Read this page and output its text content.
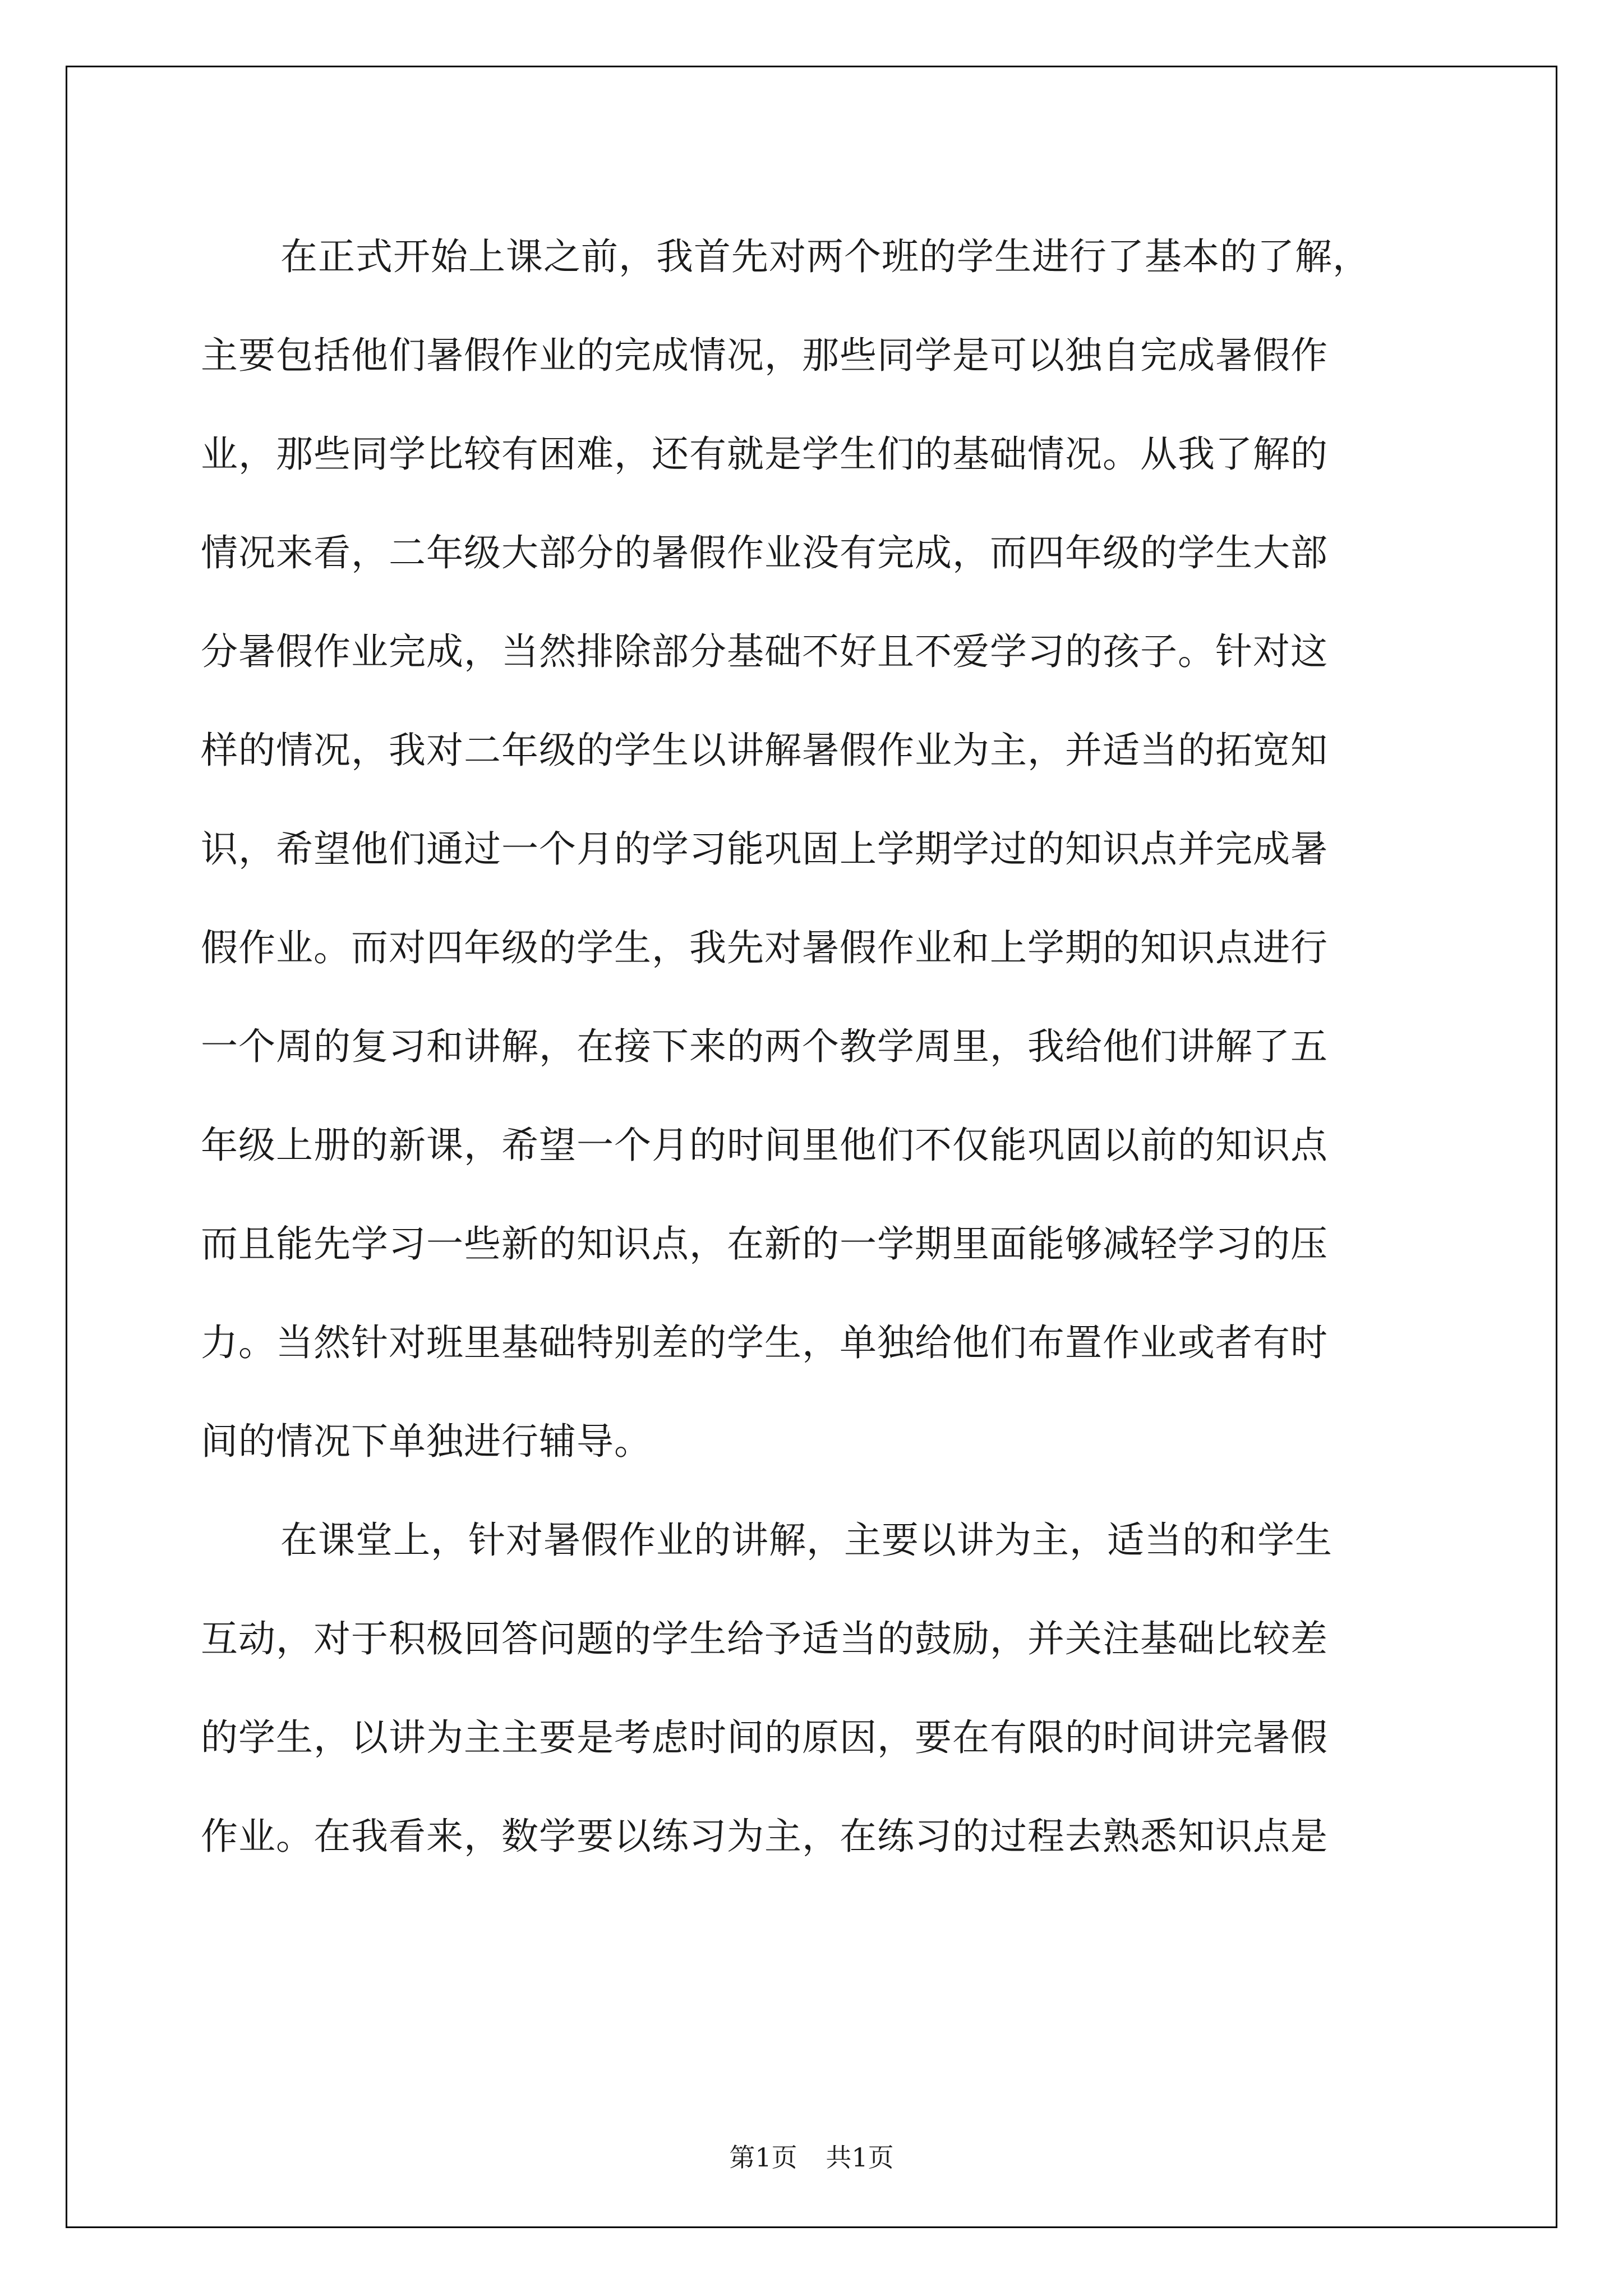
在正式开始上课之前，我首先对两个班的学生进行了基本的了解，
主要包括他们暑假作业的完成情况，那些同学是可以独自完成暑假作
业，那些同学比较有困难，还有就是学生们的基础情况。从我了解的
情况来看，二年级大部分的暑假作业没有完成，而四年级的学生大部
分暑假作业完成，当然排除部分基础不好且不爱学习的孩子。针对这
样的情况，我对二年级的学生以讲解暑假作业为主，并适当的拓宽知
识，希望他们通过一个月的学习能巩固上学期学过的知识点并完成暑
假作业。而对四年级的学生，我先对暑假作业和上学期的知识点进行
一个周的复习和讲解，在接下来的两个教学周里，我给他们讲解了五
年级上册的新课，希望一个月的时间里他们不仅能巩固以前的知识点
而且能先学习一些新的知识点，在新的一学期里面能够减轻学习的压
力。当然针对班里基础特别差的学生，单独给他们布置作业或者有时
间的情况下单独进行辅导。
在课堂上，针对暑假作业的讲解，主要以讲为主，适当的和学生
互动，对于积极回答问题的学生给予适当的鼓励，并关注基础比较差
的学生，以讲为主主要是考虑时间的原因，要在有限的时间讲完暑假
作业。在我看来，数学要以练习为主，在练习的过程去熟悉知识点是
第1页 共1页
